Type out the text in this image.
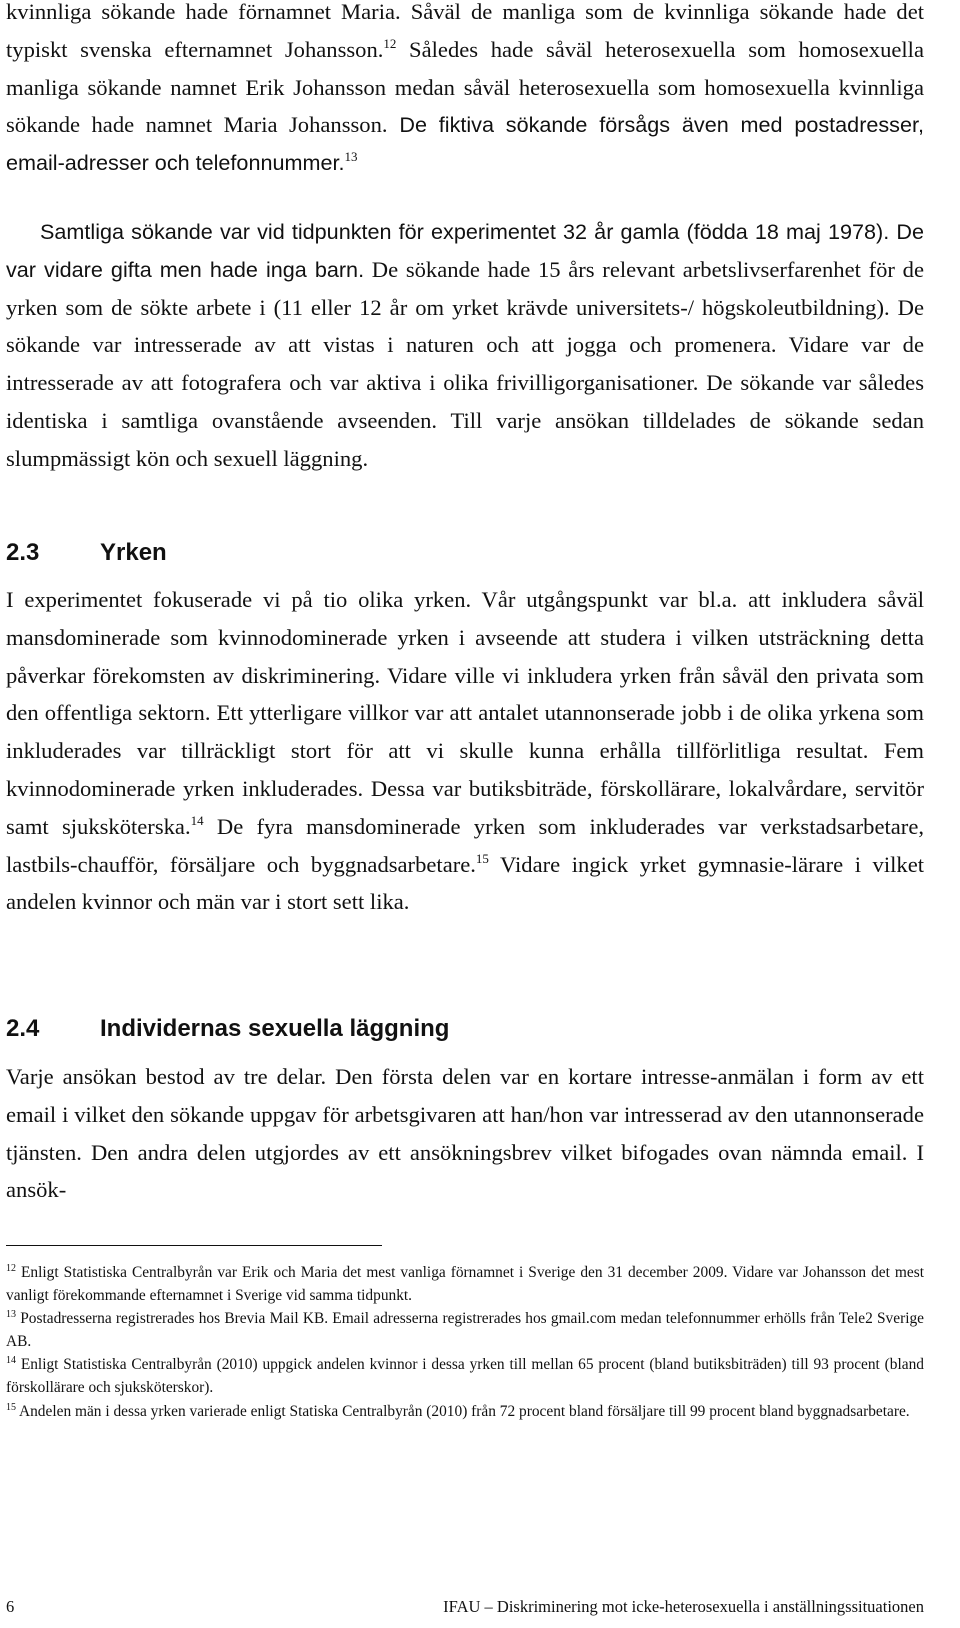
kvinnliga sökande hade förnamnet Maria. Såväl de manliga som de kvinnliga sökande hade det typiskt svenska efternamnet Johansson.$^{12}$ Således hade såväl heterosexuella som homosexuella manliga sökande namnet Erik Johansson medan såväl heterosexuella som homosexuella kvinnliga sökande hade namnet Maria Johansson. De fiktiva sökande försågs även med postadresser, email-adresser och telefonnummer.$^{13}$

Samtliga sökande var vid tidpunkten för experimentet 32 år gamla (födda 18 maj 1978). De var vidare gifta men hade inga barn. De sökande hade 15 års relevant arbetslivserfarenhet för de yrken som de sökte arbete i (11 eller 12 år om yrket krävde universitets-/ högskoleutbildning). De sökande var intresserade av att vistas i naturen och att jogga och promenera. Vidare var de intresserade av att fotografera och var aktiva i olika frivilligorganisationer. De sökande var således identiska i samtliga ovanstående avseenden. Till varje ansökan tilldelades de sökande sedan slumpmässigt kön och sexuell läggning.

2.3	Yrken

I experimentet fokuserade vi på tio olika yrken. Vår utgångspunkt var bl.a. att inkludera såväl mansdominerade som kvinnodominerade yrken i avseende att studera i vilken utsträckning detta påverkar förekomsten av diskriminering. Vidare ville vi inkludera yrken från såväl den privata som den offentliga sektorn. Ett ytterligare villkor var att antalet utannonserade jobb i de olika yrkena som inkluderades var tillräckligt stort för att vi skulle kunna erhålla tillförlitliga resultat. Fem kvinnodominerade yrken inkluderades. Dessa var butiksbiträde, förskollärare, lokalvårdare, servitör samt sjuksköterska.$^{14}$ De fyra mansdominerade yrken som inkluderades var verkstadsarbetare, lastbils-chaufför, försäljare och byggnadsarbetare.$^{15}$ Vidare ingick yrket gymnasie-lärare i vilket andelen kvinnor och män var i stort sett lika.

2.4	Individernas sexuella läggning

Varje ansökan bestod av tre delar. Den första delen var en kortare intresse-anmälan i form av ett email i vilket den sökande uppgav för arbetsgivaren att han/hon var intresserad av den utannonserade tjänsten. Den andra delen utgjordes av ett ansökningsbrev vilket bifogades ovan nämnda email. I ansök-

$^{12}$ Enligt Statistiska Centralbyrån var Erik och Maria det mest vanliga förnamnet i Sverige den 31 december 2009. Vidare var Johansson det mest vanligt förekommande efternamnet i Sverige vid samma tidpunkt.

$^{13}$ Postadresserna registrerades hos Brevia Mail KB. Email adresserna registrerades hos gmail.com medan telefonnummer erhölls från Tele2 Sverige AB.

$^{14}$ Enligt Statistiska Centralbyrån (2010) uppgick andelen kvinnor i dessa yrken till mellan 65 procent (bland butiksbiträden) till 93 procent (bland förskollärare och sjuksköterskor).

$^{15}$ Andelen män i dessa yrken varierade enligt Statiska Centralbyrån (2010) från 72 procent bland försäljare till 99 procent bland byggnadsarbetare.

6	IFAU – Diskriminering mot icke-heterosexuella i anställningssituationen
